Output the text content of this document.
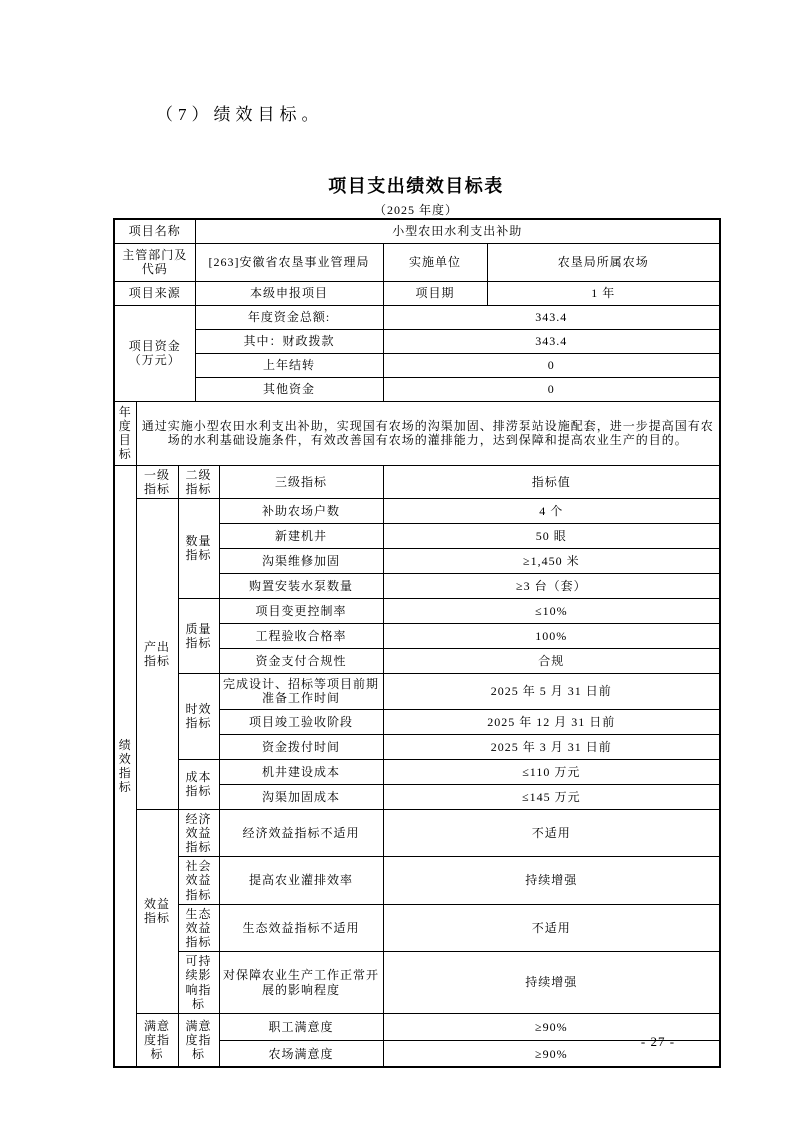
（7）绩效目标。
项目支出绩效目标表
（2025 年度）
项目名称			小型农田水利支出补助			
主管部门及代码			[263]安徽省农垦事业管理局		实施单位	农垦局所属农场
项目来源			本级申报项目		项目期	1 年
项目资金（万元）			年度资金总额:		343.4	
			其中：财政拨款		343.4	
			上年结转		0	
			其他资金		0	
年度目标	通过实施小型农田水利支出补助，实现国有农场的沟渠加固、排涝泵站设施配套，进一步提高国有农场的水利基础设施条件，有效改善国有农场的灌排能力，达到保障和提高农业生产的目的。					
绩效指标	一级指标	二级指标		三级指标	指标值	
	产出指标	数量指标		补助农场户数	4 个	
				新建机井	50 眼	
				沟渠维修加固	≥1,450 米	
				购置安装水泵数量	≥3 台（套）	
		质量指标		项目变更控制率	≤10%	
				工程验收合格率	100%	
				资金支付合规性	合规	
		时效指标		完成设计、招标等项目前期准备工作时间	2025 年 5 月 31 日前	
				项目竣工验收阶段	2025 年 12 月 31 日前	
				资金拨付时间	2025 年 3 月 31 日前	
		成本指标		机井建设成本	≤110 万元	
				沟渠加固成本	≤145 万元	
	效益指标	经济效益指标		经济效益指标不适用	不适用	
		社会效益指标		提高农业灌排效率	持续增强	
		生态效益指标		生态效益指标不适用	不适用	
		可持续影响指标		对保障农业生产工作正常开展的影响程度	持续增强	
	满意度指标	满意度指标		职工满意度	≥90%	
				农场满意度	≥90%	
- 27 -
